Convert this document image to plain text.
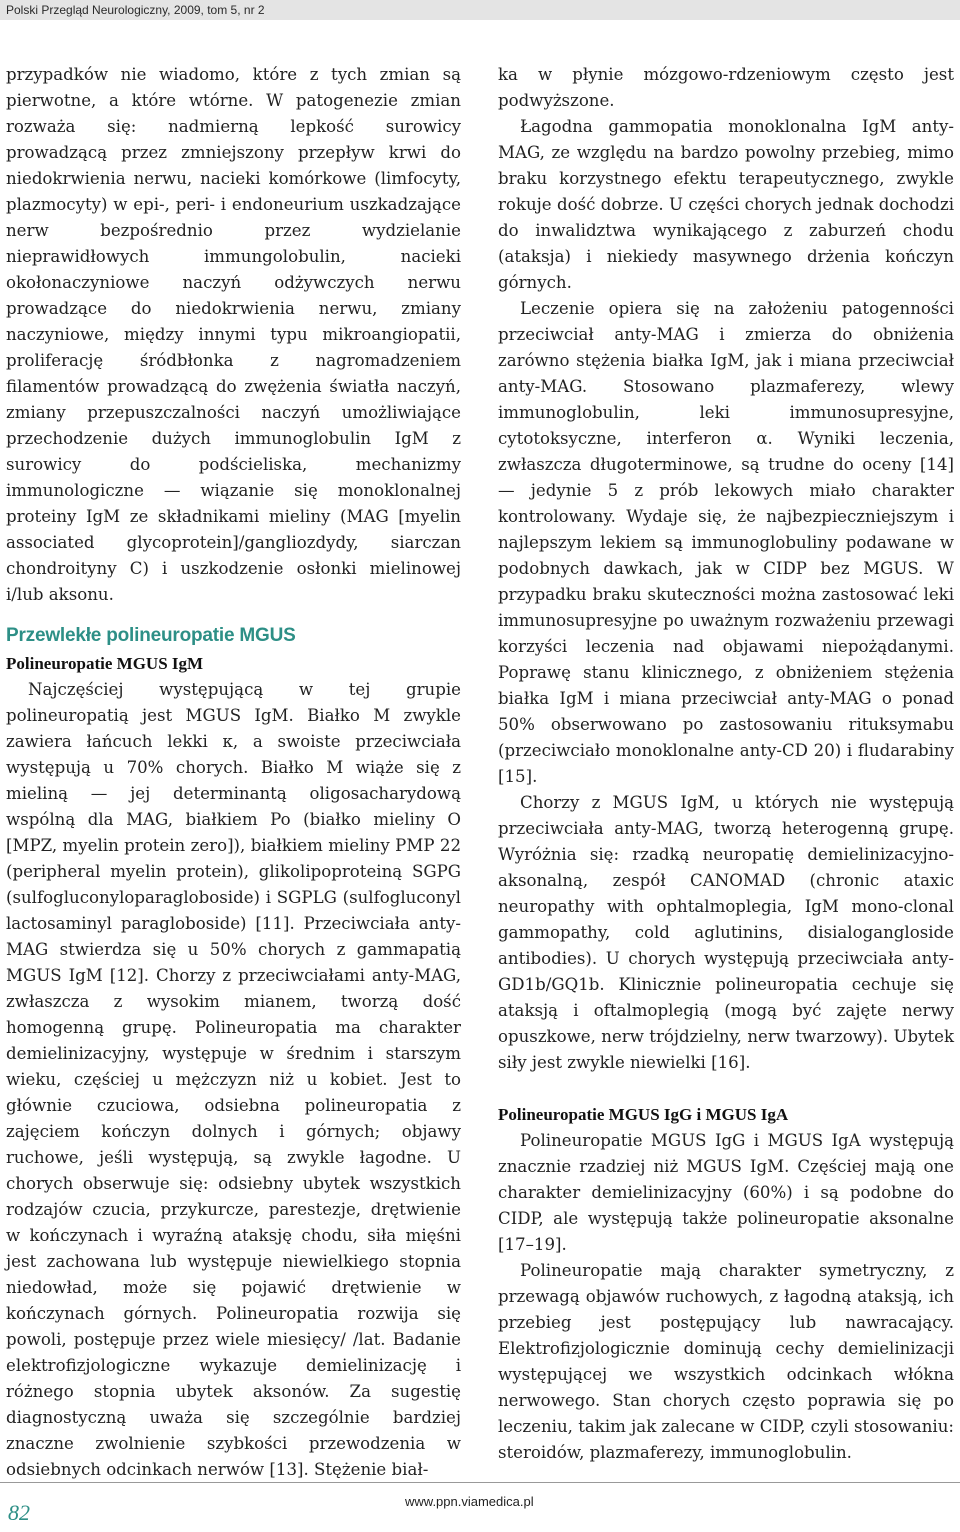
Polski Przegląd Neurologiczny, 2009, tom 5, nr 2

przypadków nie wiadomo, które z tych zmian są pierwotne, a które wtórne. W patogenezie zmian rozważa się: nadmierną lepkość surowicy prowadzącą przez zmniejszony przepływ krwi do niedokrwienia nerwu, nacieki komórkowe (limfocyty, plazmocyty) w epi-, peri- i endoneurium uszkadzające nerw bezpośrednio przez wydzielanie nieprawidłowych immungolobulin, nacieki okołonaczyniowe naczyń odżywczych nerwu prowadzące do niedokrwienia nerwu, zmiany naczyniowe, między innymi typu mikroangiopatii, proliferację śródbłonka z nagromadzeniem filamentów prowadzącą do zwężenia światła naczyń, zmiany przepuszczalności naczyń umożliwiające przechodzenie dużych immunoglobulin IgM z surowicy do podścieliska, mechanizmy immunologiczne — wiązanie się monoklonalnej proteiny IgM ze składnikami mieliny (MAG [myelin associated glycoprotein]/gangliozdydy, siarczan chondroityny C) i uszkodzenie osłonki mielinowej i/lub aksonu.

Przewlekłe polineuropatie MGUS
Polineuropatie MGUS IgM

Najczęściej występującą w tej grupie polineuropatią jest MGUS IgM. Białko M zwykle zawiera łańcuch lekki κ, a swoiste przeciwciała występują u 70% chorych. Białko M wiąże się z mieliną — jej determinantą oligosacharydową wspólną dla MAG, białkiem Po (białko mieliny O [MPZ, myelin protein zero]), białkiem mieliny PMP 22 (peripheral myelin protein), glikolipoproteiną SGPG (sulfogluconyloparagloboside) i SGPLG (sulfogluconyl lactosaminyl paragloboside) [11]. Przeciwciała anty-MAG stwierdza się u 50% chorych z gammapatią MGUS IgM [12]. Chorzy z przeciwciałami anty-MAG, zwłaszcza z wysokim mianem, tworzą dość homogenną grupę. Polineuropatia ma charakter demielinizacyjny, występuje w średnim i starszym wieku, częściej u mężczyzn niż u kobiet. Jest to głównie czuciowa, odsiebna polineuropatia z zajęciem kończyn dolnych i górnych; objawy ruchowe, jeśli występują, są zwykle łagodne. U chorych obserwuje się: odsiebny ubytek wszystkich rodzajów czucia, przykurcze, parestezje, drętwienie w kończynach i wyraźną ataksję chodu, siła mięśni jest zachowana lub występuje niewielkiego stopnia niedowład, może się pojawić drętwienie w kończynach górnych. Polineuropatia rozwija się powoli, postępuje przez wiele miesięcy/ /lat. Badanie elektrofizjologiczne wykazuje demielinizację i różnego stopnia ubytek aksonów. Za sugestię diagnostyczną uważa się szczególnie bardziej znaczne zwolnienie szybkości przewodzenia w odsiebnych odcinkach nerwów [13]. Stężenie biał-

ka w płynie mózgowo-rdzeniowym często jest podwyższone.

Łagodna gammopatia monoklonalna IgM anty-MAG, ze względu na bardzo powolny przebieg, mimo braku korzystnego efektu terapeutycznego, zwykle rokuje dość dobrze. U części chorych jednak dochodzi do inwalidztwa wynikającego z zaburzeń chodu (ataksja) i niekiedy masywnego drżenia kończyn górnych.

Leczenie opiera się na założeniu patogenności przeciwciał anty-MAG i zmierza do obniżenia zarówno stężenia białka IgM, jak i miana przeciwciał anty-MAG. Stosowano plazmaferezy, wlewy immunoglobulin, leki immunosupresyjne, cytotoksyczne, interferon α. Wyniki leczenia, zwłaszcza długoterminowe, są trudne do oceny [14] — jedynie 5 z prób lekowych miało charakter kontrolowany. Wydaje się, że najbezpieczniejszym i najlepszym lekiem są immunoglobuliny podawane w podobnych dawkach, jak w CIDP bez MGUS. W przypadku braku skuteczności można zastosować leki immunosupresyjne po uważnym rozważeniu przewagi korzyści leczenia nad objawami niepożądanymi. Poprawę stanu klinicznego, z obniżeniem stężenia białka IgM i miana przeciwciał anty-MAG o ponad 50% obserwowano po zastosowaniu rituksymabu (przeciwciało monoklonalne anty-CD 20) i fludarabiny [15].

Chorzy z MGUS IgM, u których nie występują przeciwciała anty-MAG, tworzą heterogenną grupę. Wyróżnia się: rzadką neuropatię demielinizacyjno-aksonalną, zespół CANOMAD (chronic ataxic neuropathy with ophtalmoplegia, IgM mono-clonal gammopathy, cold aglutinins, disialogangloside antibodies). U chorych występują przeciwciała anty-GD1b/GQ1b. Klinicznie polineuropatia cechuje się ataksją i oftalmoplegią (mogą być zajęte nerwy opuszkowe, nerw trójdzielny, nerw twarzowy). Ubytek siły jest zwykle niewielki [16].

Polineuropatie MGUS IgG i MGUS IgA

Polineuropatie MGUS IgG i MGUS IgA występują znacznie rzadziej niż MGUS IgM. Częściej mają one charakter demielinizacyjny (60%) i są podobne do CIDP, ale występują także polineuropatie aksonalne [17–19].

Polineuropatie mają charakter symetryczny, z przewagą objawów ruchowych, z łagodną ataksją, ich przebieg jest postępujący lub nawracający. Elektrofizjologicznie dominują cechy demielinizacji występującej we wszystkich odcinkach włókna nerwowego. Stan chorych często poprawia się po leczeniu, takim jak zalecane w CIDP, czyli stosowaniu: steroidów, plazmaferezy, immunoglobulin.

82	www.ppn.viamedica.pl
